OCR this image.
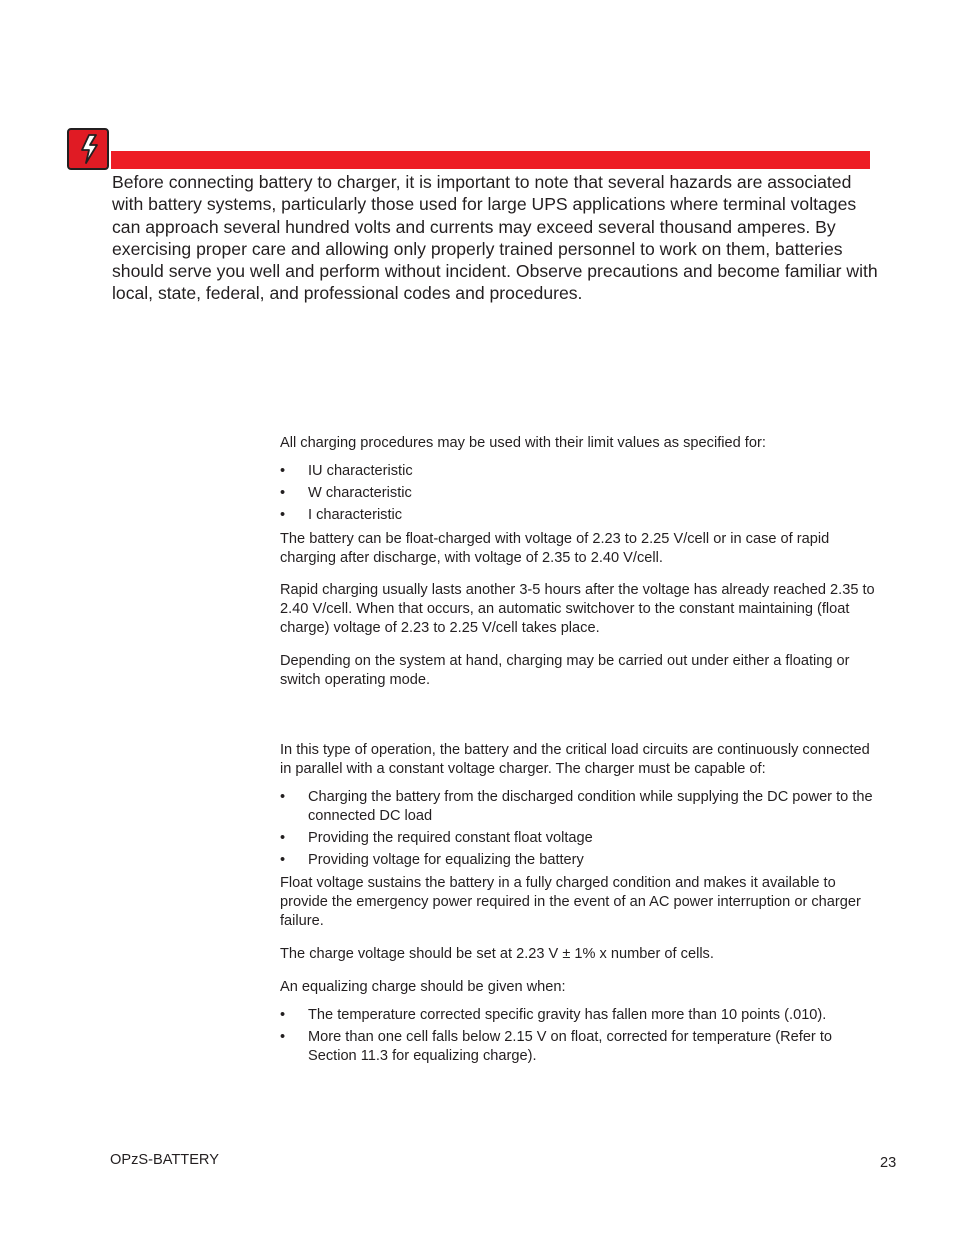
Before connecting battery to charger, it is important to note that several hazards are associated with battery systems, particularly those used for large UPS applications where terminal voltages can approach several hundred volts and currents may exceed several thousand amperes. By exercising proper care and allowing only properly trained personnel to work on them, batteries should serve you well and perform without incident. Observe precautions and become familiar with local, state, federal, and professional codes and procedures.

All charging procedures may be used with their limit values as specified for:

• IU characteristic
• W characteristic
• I characteristic

The battery can be float-charged with voltage of 2.23 to 2.25 V/cell or in case of rapid charging after discharge, with voltage of 2.35 to 2.40 V/cell.

Rapid charging usually lasts another 3-5 hours after the voltage has already reached 2.35 to 2.40 V/cell. When that occurs, an automatic switchover to the constant maintaining (float charge) voltage of 2.23 to 2.25 V/cell takes place.

Depending on the system at hand, charging may be carried out under either a floating or switch operating mode.

In this type of operation, the battery and the critical load circuits are continuously connected in parallel with a constant voltage charger. The charger must be capable of:

• Charging the battery from the discharged condition while supplying the DC power to the connected DC load
• Providing the required constant float voltage
• Providing voltage for equalizing the battery

Float voltage sustains the battery in a fully charged condition and makes it available to provide the emergency power required in the event of an AC power interruption or charger failure.

The charge voltage should be set at 2.23 V ± 1% x number of cells.

An equalizing charge should be given when:

• The temperature corrected specific gravity has fallen more than 10 points (.010).
• More than one cell falls below 2.15 V on float, corrected for temperature (Refer to Section 11.3 for equalizing charge).
OPzS-BATTERY	23
